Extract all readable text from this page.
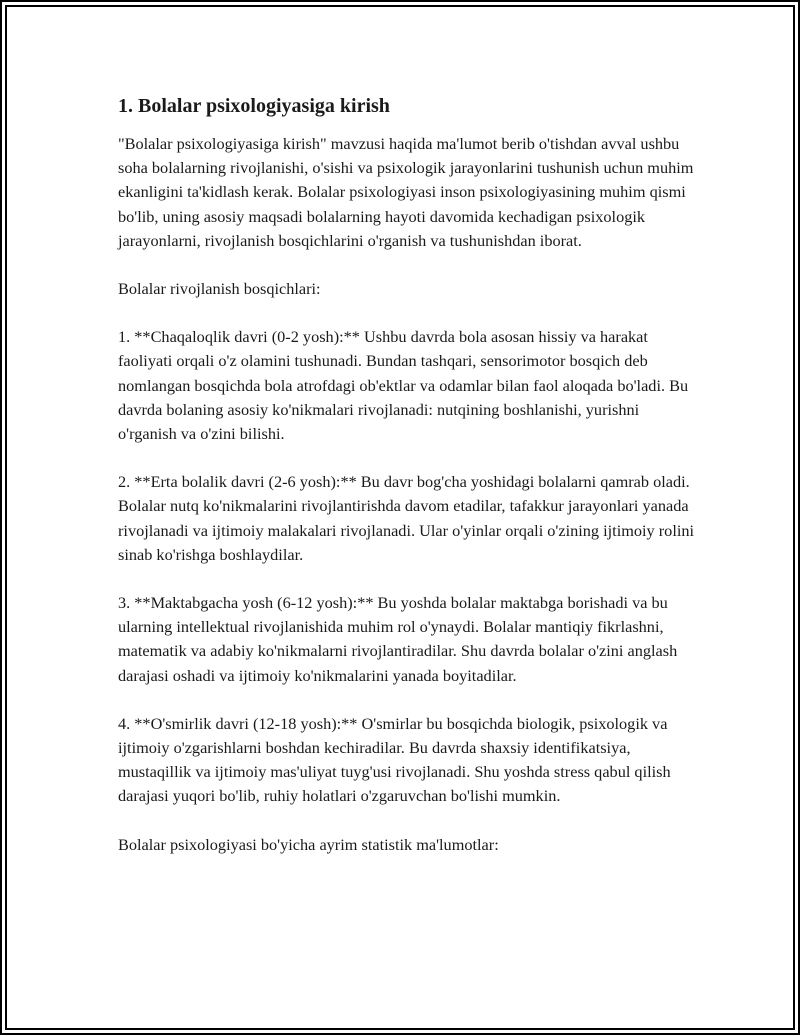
1. Bolalar psixologiyasiga kirish

"Bolalar psixologiyasiga kirish" mavzusi haqida ma'lumot berib o'tishdan avval ushbu soha bolalarning rivojlanishi, o'sishi va psixologik jarayonlarini tushunish uchun muhim ekanligini ta'kidlash kerak. Bolalar psixologiyasi inson psixologiyasining muhim qismi bo'lib, uning asosiy maqsadi bolalarning hayoti davomida kechadigan psixologik jarayonlarni, rivojlanish bosqichlarini o'rganish va tushunishdan iborat.

Bolalar rivojlanish bosqichlari:

1. **Chaqaloqlik davri (0-2 yosh):** Ushbu davrda bola asosan hissiy va harakat faoliyati orqali o'z olamini tushunadi. Bundan tashqari, sensorimotor bosqich deb nomlangan bosqichda bola atrofdagi ob'ektlar va odamlar bilan faol aloqada bo'ladi. Bu davrda bolaning asosiy ko'nikmalari rivojlanadi: nutqining boshlanishi, yurishni o'rganish va o'zini bilishi.

2. **Erta bolalik davri (2-6 yosh):** Bu davr bog'cha yoshidagi bolalarni qamrab oladi. Bolalar nutq ko'nikmalarini rivojlantirishda davom etadilar, tafakkur jarayonlari yanada rivojlanadi va ijtimoiy malakalari rivojlanadi. Ular o'yinlar orqali o'zining ijtimoiy rolini sinab ko'rishga boshlaydilar.

3. **Maktabgacha yosh (6-12 yosh):** Bu yoshda bolalar maktabga borishadi va bu ularning intellektual rivojlanishida muhim rol o'ynaydi. Bolalar mantiqiy fikrlashni, matematik va adabiy ko'nikmalarni rivojlantiradilar. Shu davrda bolalar o'zini anglash darajasi oshadi va ijtimoiy ko'nikmalarini yanada boyitadilar.

4. **O'smirlik davri (12-18 yosh):** O'smirlar bu bosqichda biologik, psixologik va ijtimoiy o'zgarishlarni boshdan kechiradilar. Bu davrda shaxsiy identifikatsiya, mustaqillik va ijtimoiy mas'uliyat tuyg'usi rivojlanadi. Shu yoshda stress qabul qilish darajasi yuqori bo'lib, ruhiy holatlari o'zgaruvchan bo'lishi mumkin.

Bolalar psixologiyasi bo'yicha ayrim statistik ma'lumotlar:
